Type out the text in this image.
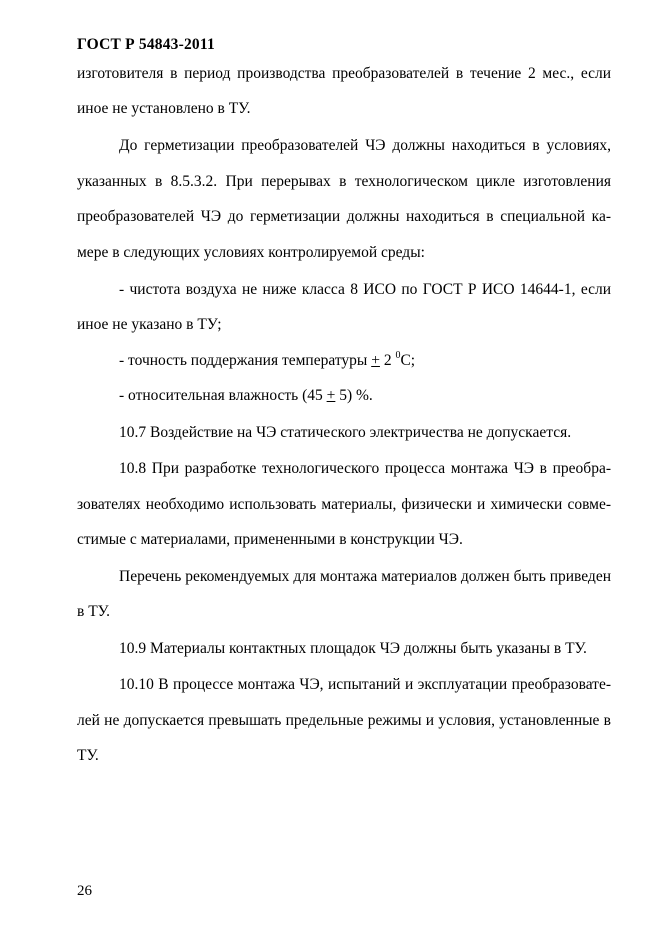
ГОСТ Р 54843-2011
изготовителя в период производства преобразователей в течение 2 мес., если
иное не установлено в ТУ.
До герметизации преобразователей ЧЭ должны находиться в условиях,
указанных в 8.5.3.2. При перерывах в технологическом цикле изготовления
преобразователей ЧЭ до герметизации должны находиться в специальной ка-
мере в следующих условиях контролируемой среды:
- чистота воздуха не ниже класса 8 ИСО по ГОСТ Р ИСО 14644-1, если
иное не указано в ТУ;
- точность поддержания температуры + 2 $^0$С;
- относительная влажность (45 + 5) %.
10.7 Воздействие на ЧЭ статического электричества не допускается.
10.8 При разработке технологического процесса монтажа ЧЭ в преобра-
зователях необходимо использовать материалы, физически и химически совме-
стимые с материалами, примененными в конструкции ЧЭ.
Перечень рекомендуемых для монтажа материалов должен быть приведен
в ТУ.
10.9 Материалы контактных площадок ЧЭ должны быть указаны в ТУ.
10.10 В процессе монтажа ЧЭ, испытаний и эксплуатации преобразовате-
лей не допускается превышать предельные режимы и условия, установленные в
ТУ.
26
